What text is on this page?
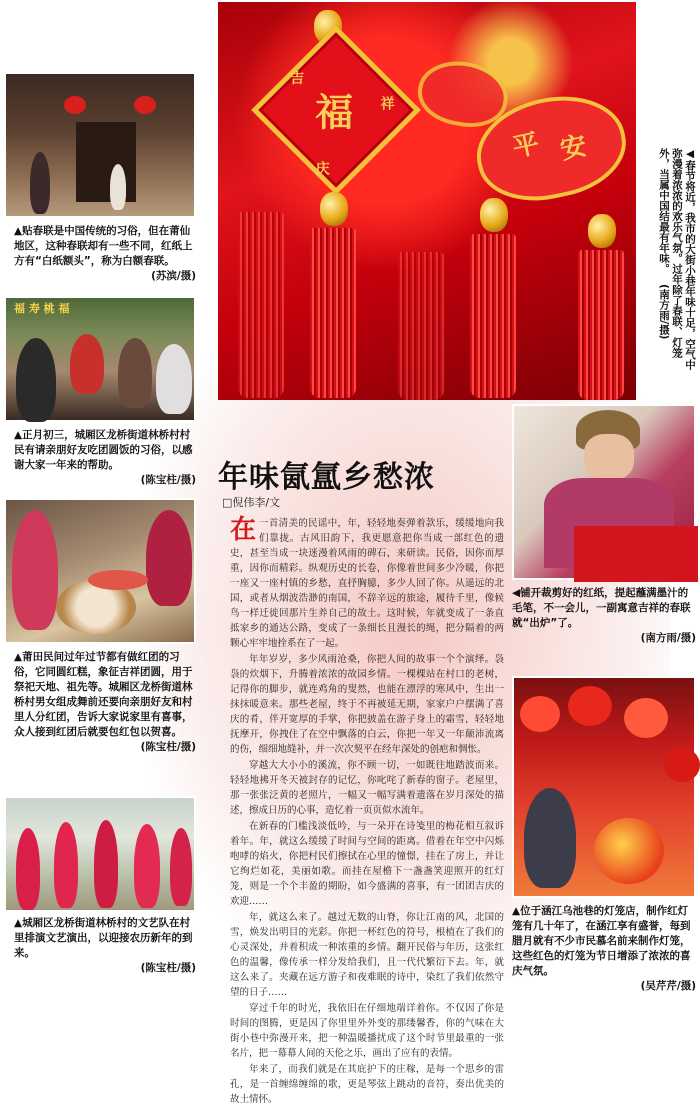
福
吉
祥
庆
平 安	◀春节将近，我市的大街小巷年味十足，空气中弥漫着浓浓的欢乐气氛。过年除了春联、灯笼外，当属中国结最有年味。 (南方雨/摄)
▲贴春联是中国传统的习俗，但在莆仙地区，这种春联却有一些不同，红纸上方有“白纸额头”，称为白额春联。
(苏滨/摄)
福 寿 桃 福
▲正月初三，城厢区龙桥街道林桥村村民有请亲朋好友吃团圆饭的习俗，以感谢大家一年来的帮助。
(陈宝柱/摄)
▲莆田民间过年过节都有做红团的习俗，它同圆红糕，象征吉祥团圆，用于祭祀天地、祖先等。城厢区龙桥街道林桥村男女组成舞前还要向亲朋好友和村里人分红团，告诉大家说家里有喜事，众人接到红团后就要包红包以贺喜。
(陈宝柱/摄)
▲城厢区龙桥街道林桥村的文艺队在村里排演文艺演出，以迎接农历新年的到来。
(陈宝柱/摄)
◀铺开裁剪好的红纸，提起蘸满墨汁的毛笔，不一会儿，一副寓意吉祥的春联就“出炉”了。
(南方雨/摄)
▲位于涵江乌池巷的灯笼店，制作红灯笼有几十年了，在涵江享有盛誉，每到腊月就有不少市民慕名前来制作灯笼，这些红色的灯笼为节日增添了浓浓的喜庆气氛。
(吴芹芹/摄)
年味氤氲乡愁浓
□倪伟李/文

在一首清美的民谣中，年，轻轻地奏弹着款乐，缓缓地向我们靠拢。古风旧韵下，我更愿意把你当成一部红色的遗史，甚至当成一块迷漫着风雨的碑石，来研读。民俗，因你而厚重，因你而精彩。纵观历史的长卷，你像着世间多少冷暖，你把一座又一座村镇的乡愁，直抒胸臆，多少人回了你。从遥远的北国，或者从烟波浩渺的南国，不辞辛远的旅途，履待千里，像候鸟一样迁徙回那片生养自己的故土。这时候，年就变成了一条直抵家乡的通达公路，变成了一条细长且漫长的绳，把分隔着的两颗心牢牢地拴系在了一起。

年年岁岁，多少风雨沧桑，你把人间的故事一个个演绎。袅袅的炊烟下，升腾着浓浓的故园乡情。一棵棵站在村口的老树，记得你的脚步，就连鸡角的叟然，也能在漂浮的寒风中，生出一抹抹暖意来。那些老屋，终于不再被延无期，家家户户摆满了喜庆的肴，伴开宽厚的手掌，你把披盖在游子身上的霜雪，轻轻地抚摩开，你拽住了在空中飘落的白云，你把一年又一年颠沛流离的伤，细细地缝补，并一次次契平在经年深处的创疤和惆怅。

穿越大大小小的溪流，你不顾一切，一如既往地踏波而来。轻轻地拂开冬天被封存的记忆，你叱咤了新春的窗子。老屋里，那一张张泛黄的老照片，一幅又一幅写满着遗落在岁月深处的描述，擦成日历的心事，造忆着一页页似水流年。

在新春的门槛浅淡低吟，与一朵开在诗笺里的梅花相互叙诉着年。年，就这么缓缓了时间与空间的距离。借着在年空中闪烁咆哮的焰火，你把村民们擦拭在心里的憧憬，挂在了房上，并让它绚烂如花，美丽如歌。而挂在屋檐下一盏盏笑迎照开的红灯笼，则是一个个丰盈的期盼，如今盛满的喜事，有一团团吉庆的欢迎……

年，就这么来了。越过无数的山脊，你让江南的风，北国的雪，焕发出明目的光彩。你把一杯红色的符号，根植在了我们的心灵深处，并着积成一种浓重的乡情。翻开民俗与年历，这张红色的温馨，像传承一样分发给我们，且一代代繁衍下去。年，就这么来了。夹藏在远方游子和夜难眠的诗中，染红了我们依然守望的日子……

穿过千年的时光，我依旧在仔细地端详着你。不仅因了你是时间的图腾，更是因了你里里外外变的那缕馨香，你的气味在大街小巷中弥漫开来，把一种温暖播扰成了这个时节里最重的一张名片，把一幕幕人间的天伦之乐，画出了应有的表情。

年来了，而我们就是在其庇护下的庄稼，是每一个思乡的雷孔，是一首缠绵缠绵的歌，更是琴弦上跳动的音符，奏出优美的故土情怀。
